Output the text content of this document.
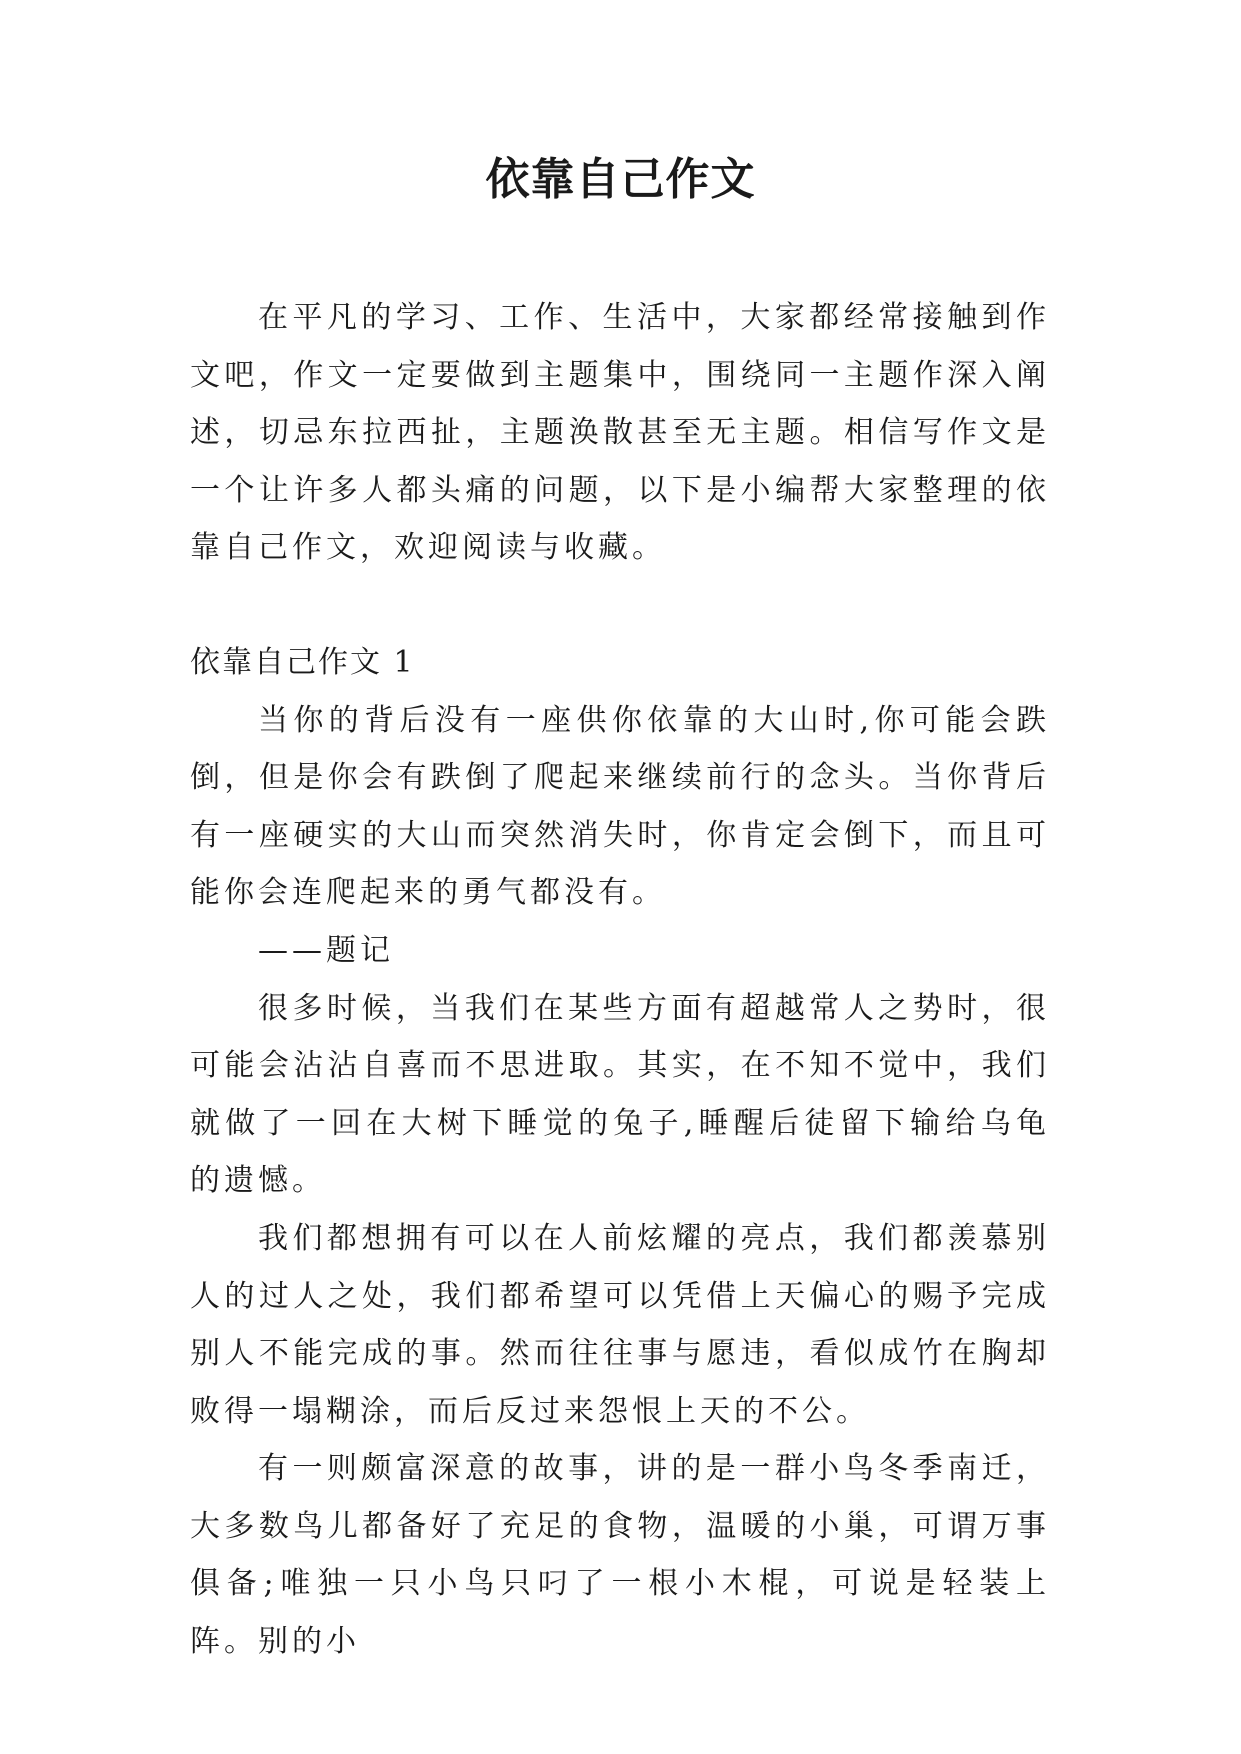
依靠自己作文

在平凡的学习、工作、生活中，大家都经常接触到作文吧，作文一定要做到主题集中，围绕同一主题作深入阐述，切忌东拉西扯，主题涣散甚至无主题。相信写作文是一个让许多人都头痛的问题，以下是小编帮大家整理的依靠自己作文，欢迎阅读与收藏。

依靠自己作文 1

当你的背后没有一座供你依靠的大山时,你可能会跌倒，但是你会有跌倒了爬起来继续前行的念头。当你背后有一座硬实的大山而突然消失时，你肯定会倒下，而且可能你会连爬起来的勇气都没有。

——题记

很多时候，当我们在某些方面有超越常人之势时，很可能会沾沾自喜而不思进取。其实，在不知不觉中，我们就做了一回在大树下睡觉的兔子,睡醒后徒留下输给乌龟的遗憾。

我们都想拥有可以在人前炫耀的亮点，我们都羡慕别人的过人之处，我们都希望可以凭借上天偏心的赐予完成别人不能完成的事。然而往往事与愿违，看似成竹在胸却败得一塌糊涂，而后反过来怨恨上天的不公。

有一则颇富深意的故事，讲的是一群小鸟冬季南迁，大多数鸟儿都备好了充足的食物，温暖的小巢，可谓万事俱备;唯独一只小鸟只叼了一根小木棍，可说是轻装上阵。别的小
